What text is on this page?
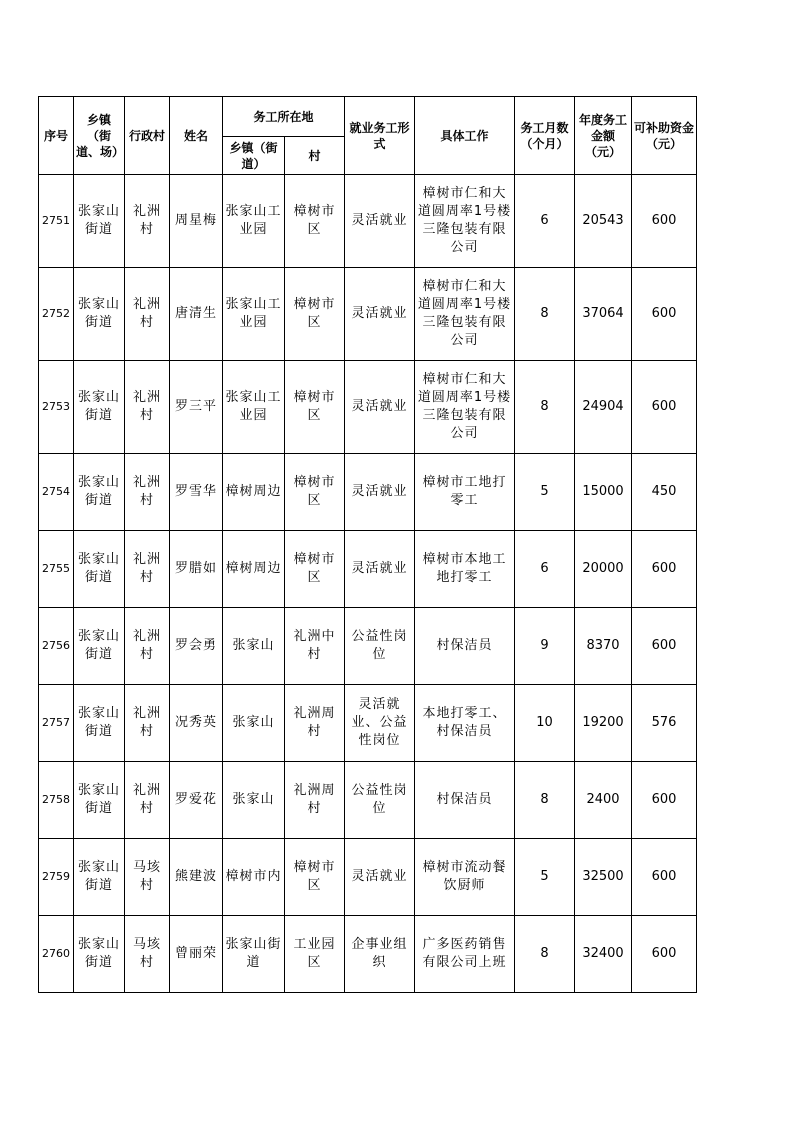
序号	乡镇（街道、场）	行政村	姓名	务工所在地		就业务工形式	具体工作	务工月数（个月）	年度务工金额（元）	可补助资金（元）
				乡镇（街道）	村					
2751	张家山街道	礼洲村	周星梅	张家山工业园	樟树市区	灵活就业	樟树市仁和大道圆周率1号楼三隆包装有限公司	6	20543	600
2752	张家山街道	礼洲村	唐清生	张家山工业园	樟树市区	灵活就业	樟树市仁和大道圆周率1号楼三隆包装有限公司	8	37064	600
2753	张家山街道	礼洲村	罗三平	张家山工业园	樟树市区	灵活就业	樟树市仁和大道圆周率1号楼三隆包装有限公司	8	24904	600
2754	张家山街道	礼洲村	罗雪华	樟树周边	樟树市区	灵活就业	樟树市工地打零工	5	15000	450
2755	张家山街道	礼洲村	罗腊如	樟树周边	樟树市区	灵活就业	樟树市本地工地打零工	6	20000	600
2756	张家山街道	礼洲村	罗会勇	张家山	礼洲中村	公益性岗位	村保洁员	9	8370	600
2757	张家山街道	礼洲村	况秀英	张家山	礼洲周村	灵活就业、公益性岗位	本地打零工、村保洁员	10	19200	576
2758	张家山街道	礼洲村	罗爱花	张家山	礼洲周村	公益性岗位	村保洁员	8	2400	600
2759	张家山街道	马垓村	熊建波	樟树市内	樟树市区	灵活就业	樟树市流动餐饮厨师	5	32500	600
2760	张家山街道	马垓村	曾丽荣	张家山街道	工业园区	企事业组织	广多医药销售有限公司上班	8	32400	600
